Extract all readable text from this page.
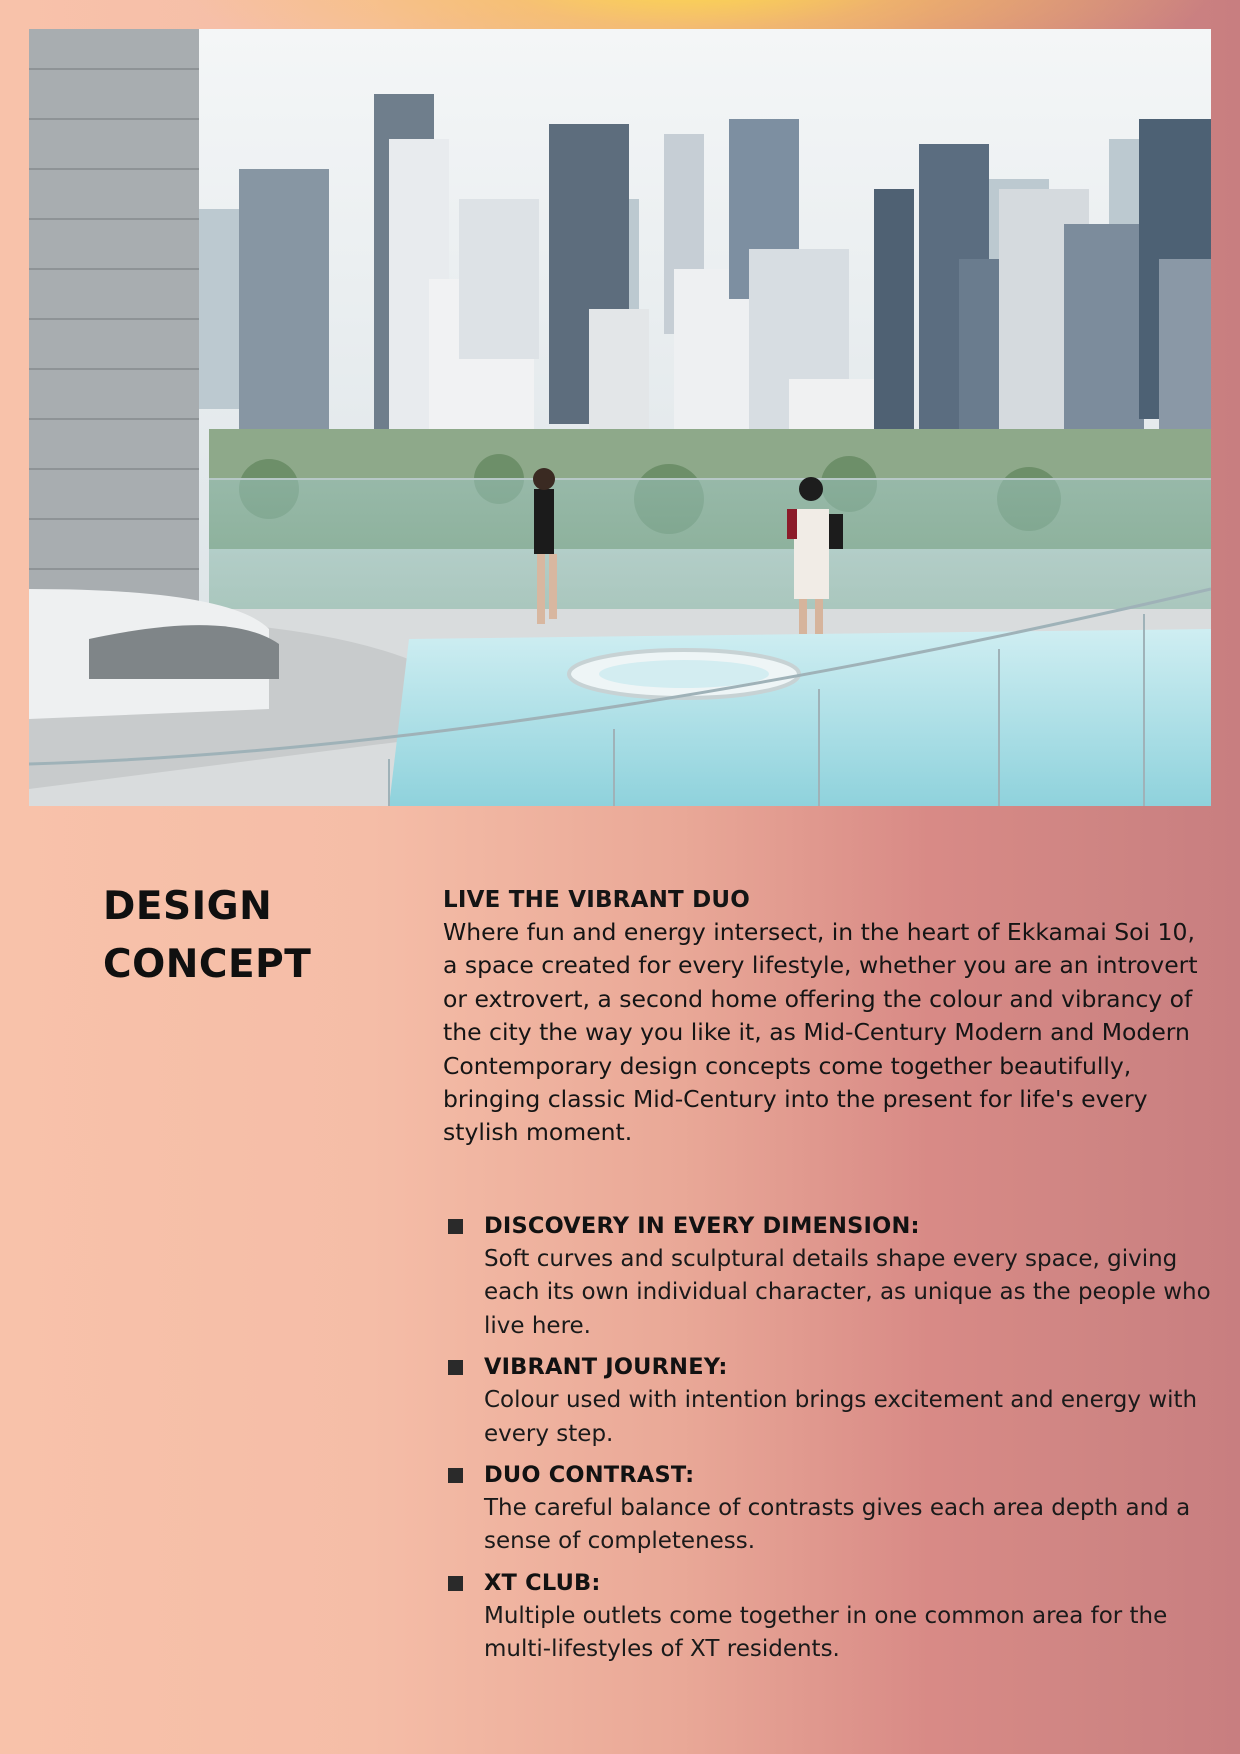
DESIGN
CONCEPT

LIVE THE VIBRANT DUO

Where fun and energy intersect, in the heart of Ekkamai Soi 10, a space created for every lifestyle, whether you are an introvert or extrovert, a second home offering the colour and vibrancy of the city the way you like it, as Mid-Century Modern and Modern Contemporary design concepts come together beautifully, bringing classic Mid-Century into the present for life's every stylish moment.

DISCOVERY IN EVERY DIMENSION:
Soft curves and sculptural details shape every space, giving each its own individual character, as unique as the people who live here.
VIBRANT JOURNEY:
Colour used with intention brings excitement and energy with every step.
DUO CONTRAST:
The careful balance of contrasts gives each area depth and a sense of completeness.
XT CLUB:
Multiple outlets come together in one common area for the multi-lifestyles of XT residents.
